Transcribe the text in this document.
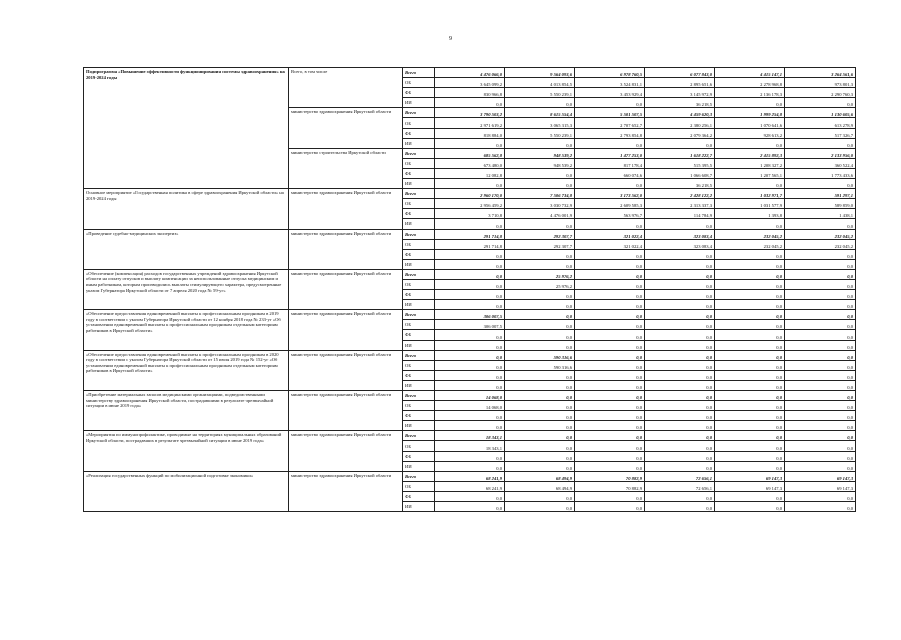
9
Подпрограмма «Повышение эффективности функционирования системы здравоохранения» на 2019-2024 годы	Всего, в том числе	Всего	4 476 066,0	9 564 093,6	6 978 760,5	6 077 843,0	4 415 147,1	3 264 561,6
		ОБ	3 645 099,2	4 013 854,5	3 524 831,1	2 895 651,6	2 278 968,8	973 801,3
		ФБ	830 966,8	5 550 239,1	3 453 929,4	3 145 972,9	2 136 178,3	2 290 760,3
		ИИ	0,0	0,0	0,0	36 218,5	0,0	0,0
	министерство здравоохранения Иркутской области	Всего	3 790 503,2	8 615 554,4	5 501 507,5	4 459 620,3	1 999 254,8	1 130 605,6
		ОБ	2 971 619,2	3 065 315,3	2 707 652,7	2 380 256,1	1 070 641,6	613 278,9
		ФБ	818 884,0	5 550 239,1	2 793 854,8	2 079 364,2	928 613,2	517 326,7
		ИИ	0,0	0,0	0,0	0,0	0,0	0,0
	министерство строительства Иркутской области	Всего	685 562,8	948 539,2	1 477 253,0	1 618 222,7	2 415 892,3	2 133 956,0
		ОБ	673 480,0	948 539,2	817 178,4	515 395,5	1 208 327,2	360 522,4
		ФБ	12 082,8	0,0	660 074,6	1 066 608,7	1 207 565,1	1 773 433,6
		ИИ	0,0	0,0	0,0	36 218,5	0,0	0,0
Основное мероприятие «Государственная политика в сфере здравоохранения Иркутской области» на 2019-2024 годы	министерство здравоохранения Иркутской области	Всего	2 960 170,0	7 506 734,8	3 173 562,0	2 428 122,2	1 032 971,7	591 297,1
		ОБ	2 956 459,2	3 030 732,9	2 609 585,3	2 313 337,3	1 031 577,9	589 859,0
		ФБ	3 710,8	4 476 001,9	563 976,7	114 784,9	1 393,8	1 438,1
		ИИ	0,0	0,0	0,0	0,0	0,0	0,0
«Проведение судебно-медицинских экспертиз»	министерство здравоохранения Иркутской области	Всего	291 714,8	292 307,7	321 022,4	323 083,4	232 045,2	232 045,2
		ОБ	291 714,8	292 307,7	321 022,4	323 083,4	232 045,2	232 045,2
		ФБ	0,0	0,0	0,0	0,0	0,0	0,0
		ИИ	0,0	0,0	0,0	0,0	0,0	0,0
«Обеспечение (компенсация) расходов государственных учреждений здравоохранения Иркутской области на оплату отпусков и выплату компенсации за неиспользованные отпуска медицинским и иным работникам, которым производились выплаты стимулирующего характера, предусмотренные указом Губернатора Иркутской области от 7 апреля 2020 года № 59-уг»	министерство здравоохранения Иркутской области	Всего	0,0	25 976,2	0,0	0,0	0,0	0,0
		ОБ	0,0	25 976,2	0,0	0,0	0,0	0,0
		ФБ	0,0	0,0	0,0	0,0	0,0	0,0
		ИИ	0,0	0,0	0,0	0,0	0,0	0,0
«Обеспечение предоставления единовременной выплаты к профессиональным праздникам в 2019 году в соответствии с указом Губернатора Иркутской области от 12 ноября 2018 года № 233-уг «Об установлении единовременной выплаты к профессиональным праздникам отдельным категориям работников в Иркутской области»	министерство здравоохранения Иркутской области	Всего	306 007,5	0,0	0,0	0,0	0,0	0,0
		ОБ	306 007,5	0,0	0,0	0,0	0,0	0,0
		ФБ	0,0	0,0	0,0	0,0	0,0	0,0
		ИИ	0,0	0,0	0,0	0,0	0,0	0,0
«Обеспечение предоставления единовременной выплаты к профессиональным праздникам в 2020 году в соответствии с указом Губернатора Иркутской области от 15 июля 2019 года № 152-уг «Об установлении единовременной выплаты к профессиональным праздникам отдельным категориям работников в Иркутской области»	министерство здравоохранения Иркутской области	Всего	0,0	590 316,6	0,0	0,0	0,0	0,0
		ОБ	0,0	590 316,6	0,0	0,0	0,0	0,0
		ФБ	0,0	0,0	0,0	0,0	0,0	0,0
		ИИ	0,0	0,0	0,0	0,0	0,0	0,0
«Приобретение материальных запасов медицинскими организациями, подведомственными министерству здравоохранения Иркутской области, пострадавшими в результате чрезвычайной ситуации в июне 2019 года»	министерство здравоохранения Иркутской области	Всего	14 068,0	0,0	0,0	0,0	0,0	0,0
		ОБ	14 068,0	0,0	0,0	0,0	0,0	0,0
		ФБ	0,0	0,0	0,0	0,0	0,0	0,0
		ИИ	0,0	0,0	0,0	0,0	0,0	0,0
«Мероприятия по иммунопрофилактике, проводимые на территориях муниципальных образований Иркутской области, пострадавших в результате чрезвычайной ситуации в июне 2019 года»	министерство здравоохранения Иркутской области	Всего	18 343,1	0,0	0,0	0,0	0,0	0,0
		ОБ	18 343,1	0,0	0,0	0,0	0,0	0,0
		ФБ	0,0	0,0	0,0	0,0	0,0	0,0
		ИИ	0,0	0,0	0,0	0,0	0,0	0,0
«Реализация государственных функций по мобилизационной подготовке экономики»	министерство здравоохранения Иркутской области	Всего	68 241,9	68 494,9	70 882,9	72 656,1	69 147,3	69 147,3
		ОБ	68 241,9	68 494,9	70 882,9	72 656,1	69 147,3	69 147,3
		ФБ	0,0	0,0	0,0	0,0	0,0	0,0
		ИИ	0,0	0,0	0,0	0,0	0,0	0,0
